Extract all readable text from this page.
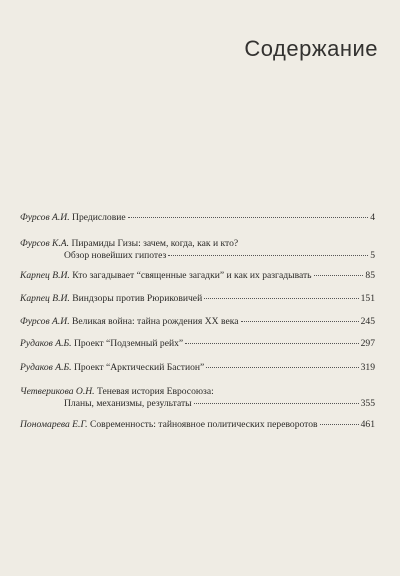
Содержание
Фурсов А.И. Предисловие	4
Фурсов К.А. Пирамиды Гизы: зачем, когда, как и кто?
Обзор новейших гипотез	5
Карпец В.И. Кто загадывает “священные загадки” и как их разгадывать	85
Карпец В.И. Виндзоры против Рюриковичей	151
Фурсов А.И. Великая война: тайна рождения XX века	245
Рудаков А.Б. Проект “Подземный рейх”	297
Рудаков А.Б. Проект “Арктический Бастион”	319
Четверикова О.Н. Теневая история Евросоюза:
Планы, механизмы, результаты	355
Пономарева Е.Г. Современность: тайноявное политических переворотов	461
